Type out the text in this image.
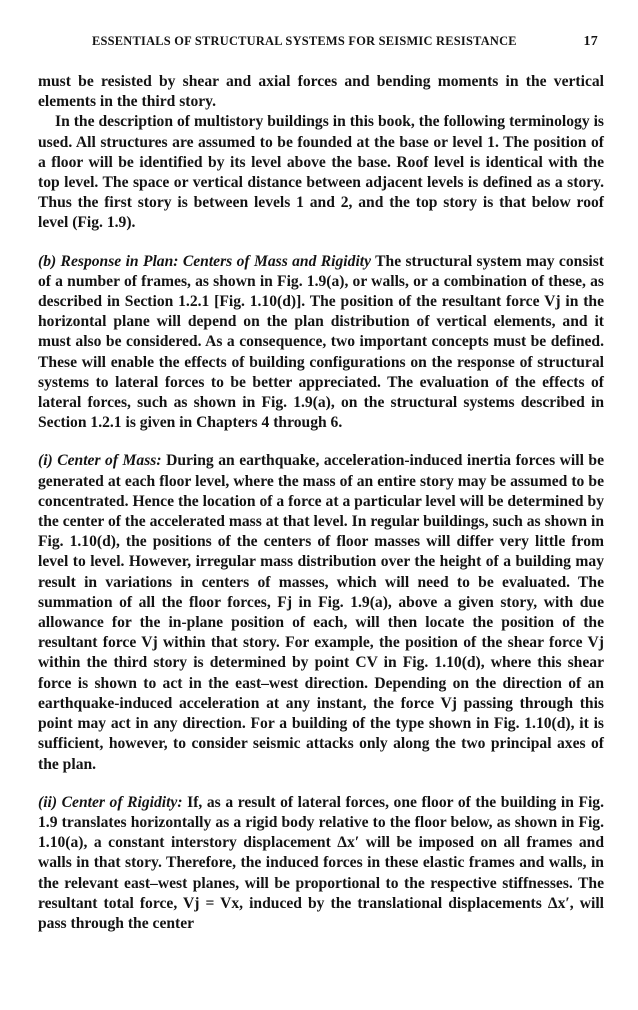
ESSENTIALS OF STRUCTURAL SYSTEMS FOR SEISMIC RESISTANCE	17

must be resisted by shear and axial forces and bending moments in the vertical elements in the third story.

In the description of multistory buildings in this book, the following terminology is used. All structures are assumed to be founded at the base or level 1. The position of a floor will be identified by its level above the base. Roof level is identical with the top level. The space or vertical distance between adjacent levels is defined as a story. Thus the first story is between levels 1 and 2, and the top story is that below roof level (Fig. 1.9).

(b) Response in Plan: Centers of Mass and Rigidity The structural system may consist of a number of frames, as shown in Fig. 1.9(a), or walls, or a combination of these, as described in Section 1.2.1 [Fig. 1.10(d)]. The position of the resultant force Vj in the horizontal plane will depend on the plan distribution of vertical elements, and it must also be considered. As a consequence, two important concepts must be defined. These will enable the effects of building configurations on the response of structural systems to lateral forces to be better appreciated. The evaluation of the effects of lateral forces, such as shown in Fig. 1.9(a), on the structural systems described in Section 1.2.1 is given in Chapters 4 through 6.

(i) Center of Mass: During an earthquake, acceleration-induced inertia forces will be generated at each floor level, where the mass of an entire story may be assumed to be concentrated. Hence the location of a force at a particular level will be determined by the center of the accelerated mass at that level. In regular buildings, such as shown in Fig. 1.10(d), the positions of the centers of floor masses will differ very little from level to level. However, irregular mass distribution over the height of a building may result in variations in centers of masses, which will need to be evaluated. The summation of all the floor forces, Fj in Fig. 1.9(a), above a given story, with due allowance for the in-plane position of each, will then locate the position of the resultant force Vj within that story. For example, the position of the shear force Vj within the third story is determined by point CV in Fig. 1.10(d), where this shear force is shown to act in the east–west direction. Depending on the direction of an earthquake-induced acceleration at any instant, the force Vj passing through this point may act in any direction. For a building of the type shown in Fig. 1.10(d), it is sufficient, however, to consider seismic attacks only along the two principal axes of the plan.

(ii) Center of Rigidity: If, as a result of lateral forces, one floor of the building in Fig. 1.9 translates horizontally as a rigid body relative to the floor below, as shown in Fig. 1.10(a), a constant interstory displacement Δx′ will be imposed on all frames and walls in that story. Therefore, the induced forces in these elastic frames and walls, in the relevant east–west planes, will be proportional to the respective stiffnesses. The resultant total force, Vj = Vx, induced by the translational displacements Δx′, will pass through the center
